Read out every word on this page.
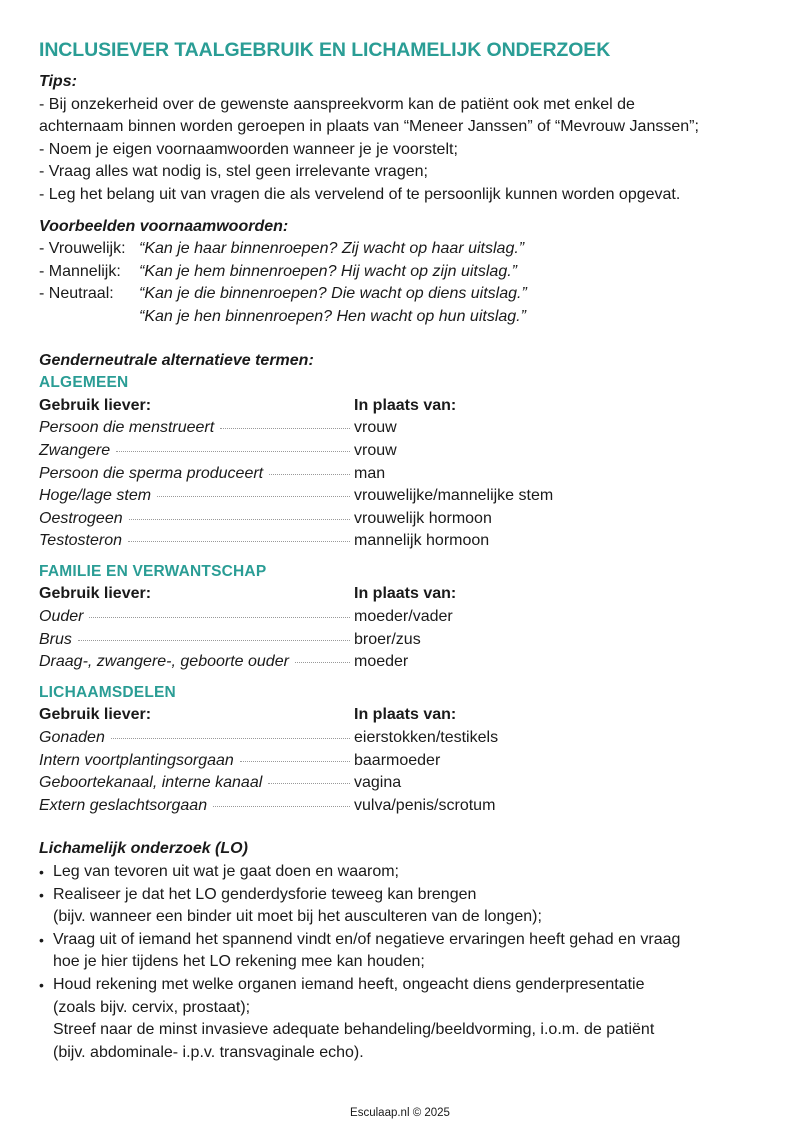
INCLUSIEVER TAALGEBRUIK EN LICHAMELIJK ONDERZOEK
Tips:
- Bij onzekerheid over de gewenste aanspreekvorm kan de patiënt ook met enkel de
achternaam binnen worden geroepen in plaats van “Meneer Janssen” of “Mevrouw Janssen”;
- Noem je eigen voornaamwoorden wanneer je je voorstelt;
- Vraag alles wat nodig is, stel geen irrelevante vragen;
- Leg het belang uit van vragen die als vervelend of te persoonlijk kunnen worden opgevat.
Voorbeelden voornaamwoorden:
- Vrouwelijk: “Kan je haar binnenroepen? Zij wacht op haar uitslag.”
- Mannelijk:	“Kan je hem binnenroepen? Hij wacht op zijn uitslag.”
- Neutraal:	“Kan je die binnenroepen? Die wacht op diens uitslag.”
“Kan je hen binnenroepen? Hen wacht op hun uitslag.”
Genderneutrale alternatieve termen:
ALGEMEEN
Gebruik liever:	In plaats van:
Persoon die menstrueert	vrouw
Zwangere	vrouw
Persoon die sperma produceert	man
Hoge/lage stem	vrouwelijke/mannelijke stem
Oestrogeen	vrouwelijk hormoon
Testosteron	mannelijk hormoon
FAMILIE EN VERWANTSCHAP
Gebruik liever:	In plaats van:
Ouder	moeder/vader
Brus	broer/zus
Draag-, zwangere-, geboorte ouder	moeder
LICHAAMSDELEN
Gebruik liever:	In plaats van:
Gonaden	eierstokken/testikels
Intern voortplantingsorgaan	baarmoeder
Geboortekanaal, interne kanaal	vagina
Extern geslachtsorgaan	vulva/penis/scrotum
Lichamelijk onderzoek (LO)
• Leg van tevoren uit wat je gaat doen en waarom;
• Realiseer je dat het LO genderdysforie teweeg kan brengen
(bijv. wanneer een binder uit moet bij het ausculteren van de longen);
• Vraag uit of iemand het spannend vindt en/of negatieve ervaringen heeft gehad en vraag
hoe je hier tijdens het LO rekening mee kan houden;
• Houd rekening met welke organen iemand heeft, ongeacht diens genderpresentatie
(zoals bijv. cervix, prostaat);
Streef naar de minst invasieve adequate behandeling/beeldvorming, i.o.m. de patiënt
(bijv. abdominale- i.p.v. transvaginale echo).
Esculaap.nl © 2025
